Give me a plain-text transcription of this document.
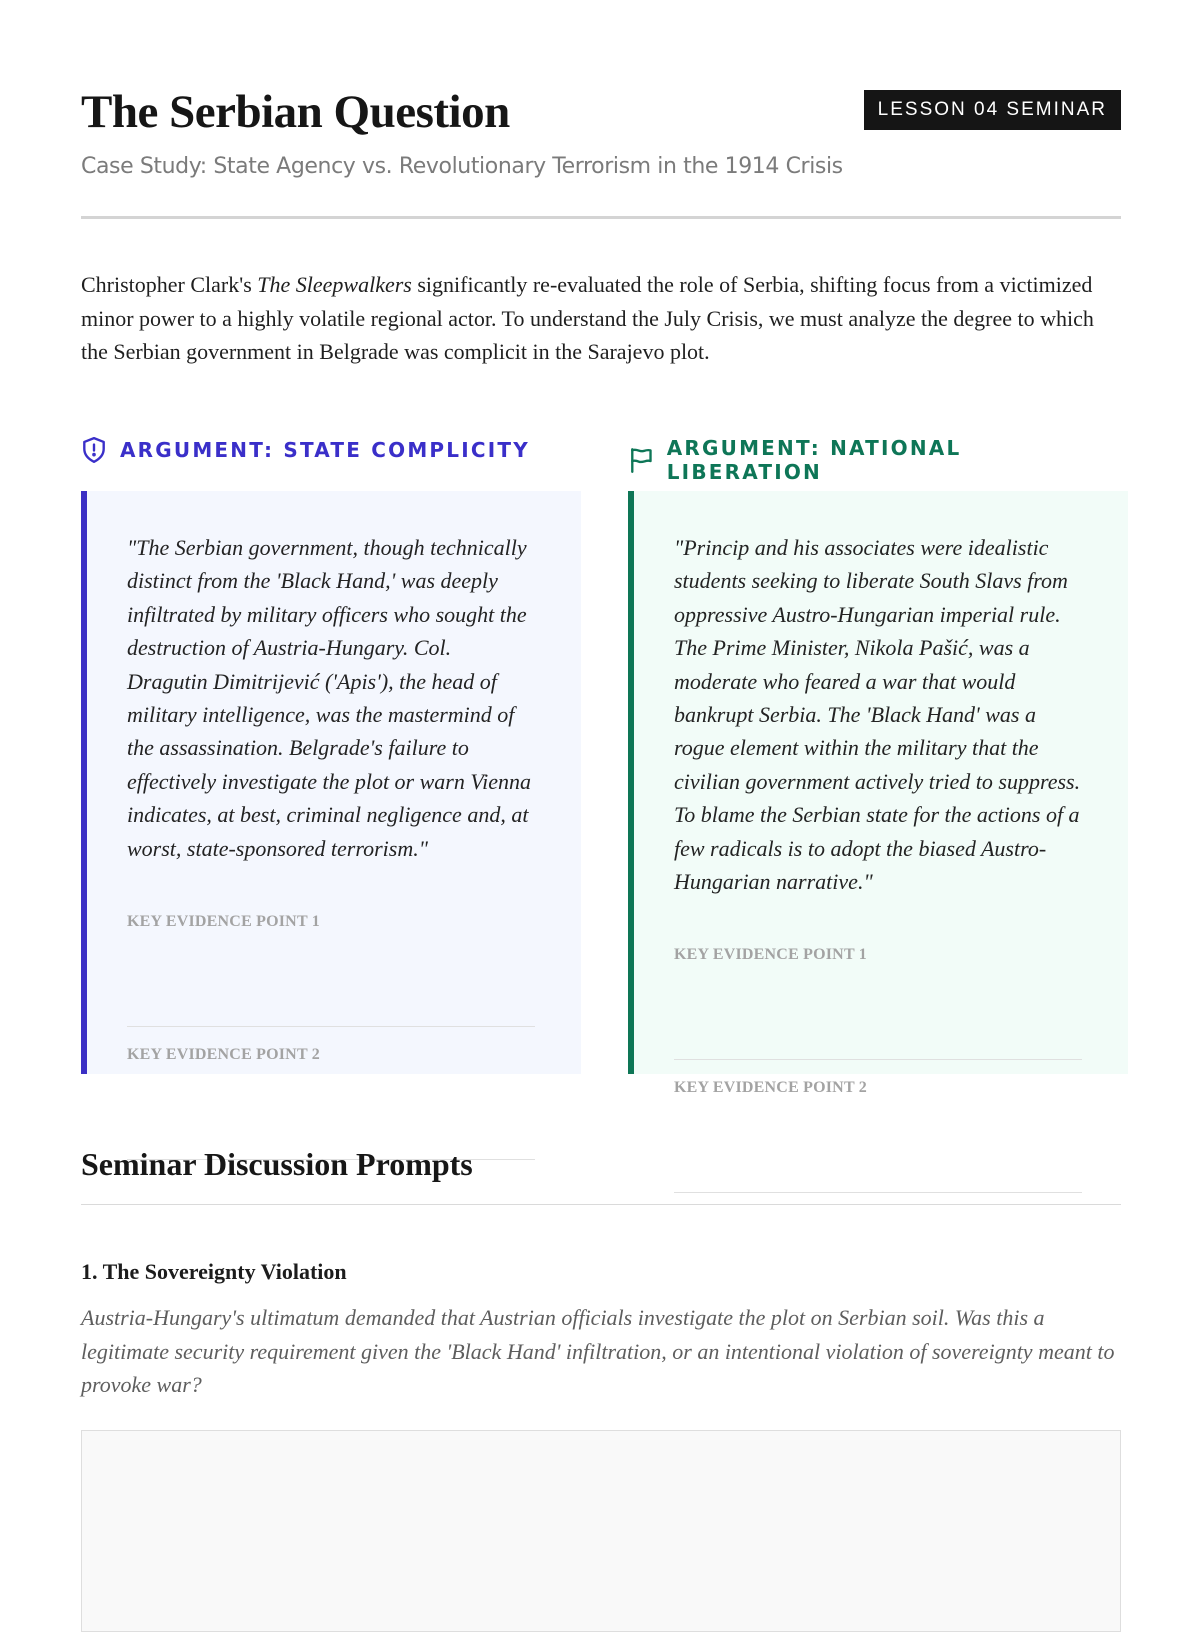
The Serbian Question	LESSON 04 SEMINAR
Case Study: State Agency vs. Revolutionary Terrorism in the 1914 Crisis

Christopher Clark's The Sleepwalkers significantly re-evaluated the role of Serbia, shifting focus from a victimized minor power to a highly volatile regional actor. To understand the July Crisis, we must analyze the degree to which the Serbian government in Belgrade was complicit in the Sarajevo plot.

ARGUMENT: STATE COMPLICITY

"The Serbian government, though technically distinct from the 'Black Hand,' was deeply infiltrated by military officers who sought the destruction of Austria-Hungary. Col. Dragutin Dimitrijević ('Apis'), the head of military intelligence, was the mastermind of the assassination. Belgrade's failure to effectively investigate the plot or warn Vienna indicates, at best, criminal negligence and, at worst, state-sponsored terrorism."

KEY EVIDENCE POINT 1
KEY EVIDENCE POINT 2
ARGUMENT: NATIONAL LIBERATION

"Princip and his associates were idealistic students seeking to liberate South Slavs from oppressive Austro-Hungarian imperial rule. The Prime Minister, Nikola Pašić, was a moderate who feared a war that would bankrupt Serbia. The 'Black Hand' was a rogue element within the military that the civilian government actively tried to suppress. To blame the Serbian state for the actions of a few radicals is to adopt the biased Austro-Hungarian narrative."

KEY EVIDENCE POINT 1
KEY EVIDENCE POINT 2
Seminar Discussion Prompts
1. The Sovereignty Violation

Austria-Hungary's ultimatum demanded that Austrian officials investigate the plot on Serbian soil. Was this a legitimate security requirement given the 'Black Hand' infiltration, or an intentional violation of sovereignty meant to provoke war?
